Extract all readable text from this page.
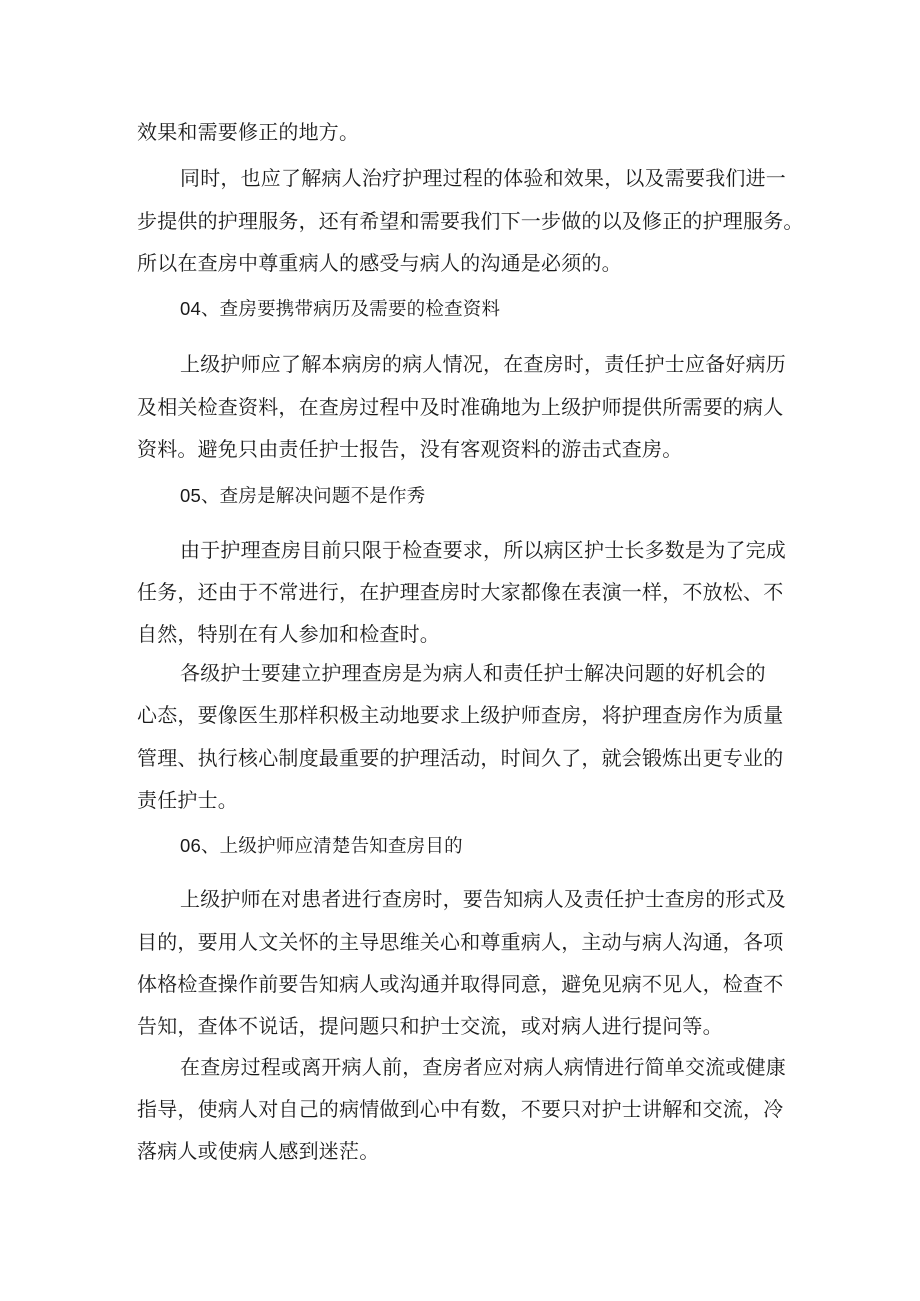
效果和需要修正的地方。
同时，也应了解病人治疗护理过程的体验和效果，以及需要我们进一
步提供的护理服务，还有希望和需要我们下一步做的以及修正的护理服务。
所以在查房中尊重病人的感受与病人的沟通是必须的。
04、查房要携带病历及需要的检查资料
上级护师应了解本病房的病人情况，在查房时，责任护士应备好病历
及相关检查资料，在查房过程中及时准确地为上级护师提供所需要的病人
资料。避免只由责任护士报告，没有客观资料的游击式查房。
05、查房是解决问题不是作秀
由于护理查房目前只限于检查要求，所以病区护士长多数是为了完成
任务，还由于不常进行，在护理查房时大家都像在表演一样，不放松、不
自然，特别在有人参加和检查时。
各级护士要建立护理查房是为病人和责任护士解决问题的好机会的
心态，要像医生那样积极主动地要求上级护师查房，将护理查房作为质量
管理、执行核心制度最重要的护理活动，时间久了，就会锻炼出更专业的
责任护士。
06、上级护师应清楚告知查房目的
上级护师在对患者进行查房时，要告知病人及责任护士查房的形式及
目的，要用人文关怀的主导思维关心和尊重病人，主动与病人沟通，各项
体格检查操作前要告知病人或沟通并取得同意，避免见病不见人，检查不
告知，查体不说话，提问题只和护士交流，或对病人进行提问等。
在查房过程或离开病人前，查房者应对病人病情进行简单交流或健康
指导，使病人对自己的病情做到心中有数，不要只对护士讲解和交流，冷
落病人或使病人感到迷茫。
